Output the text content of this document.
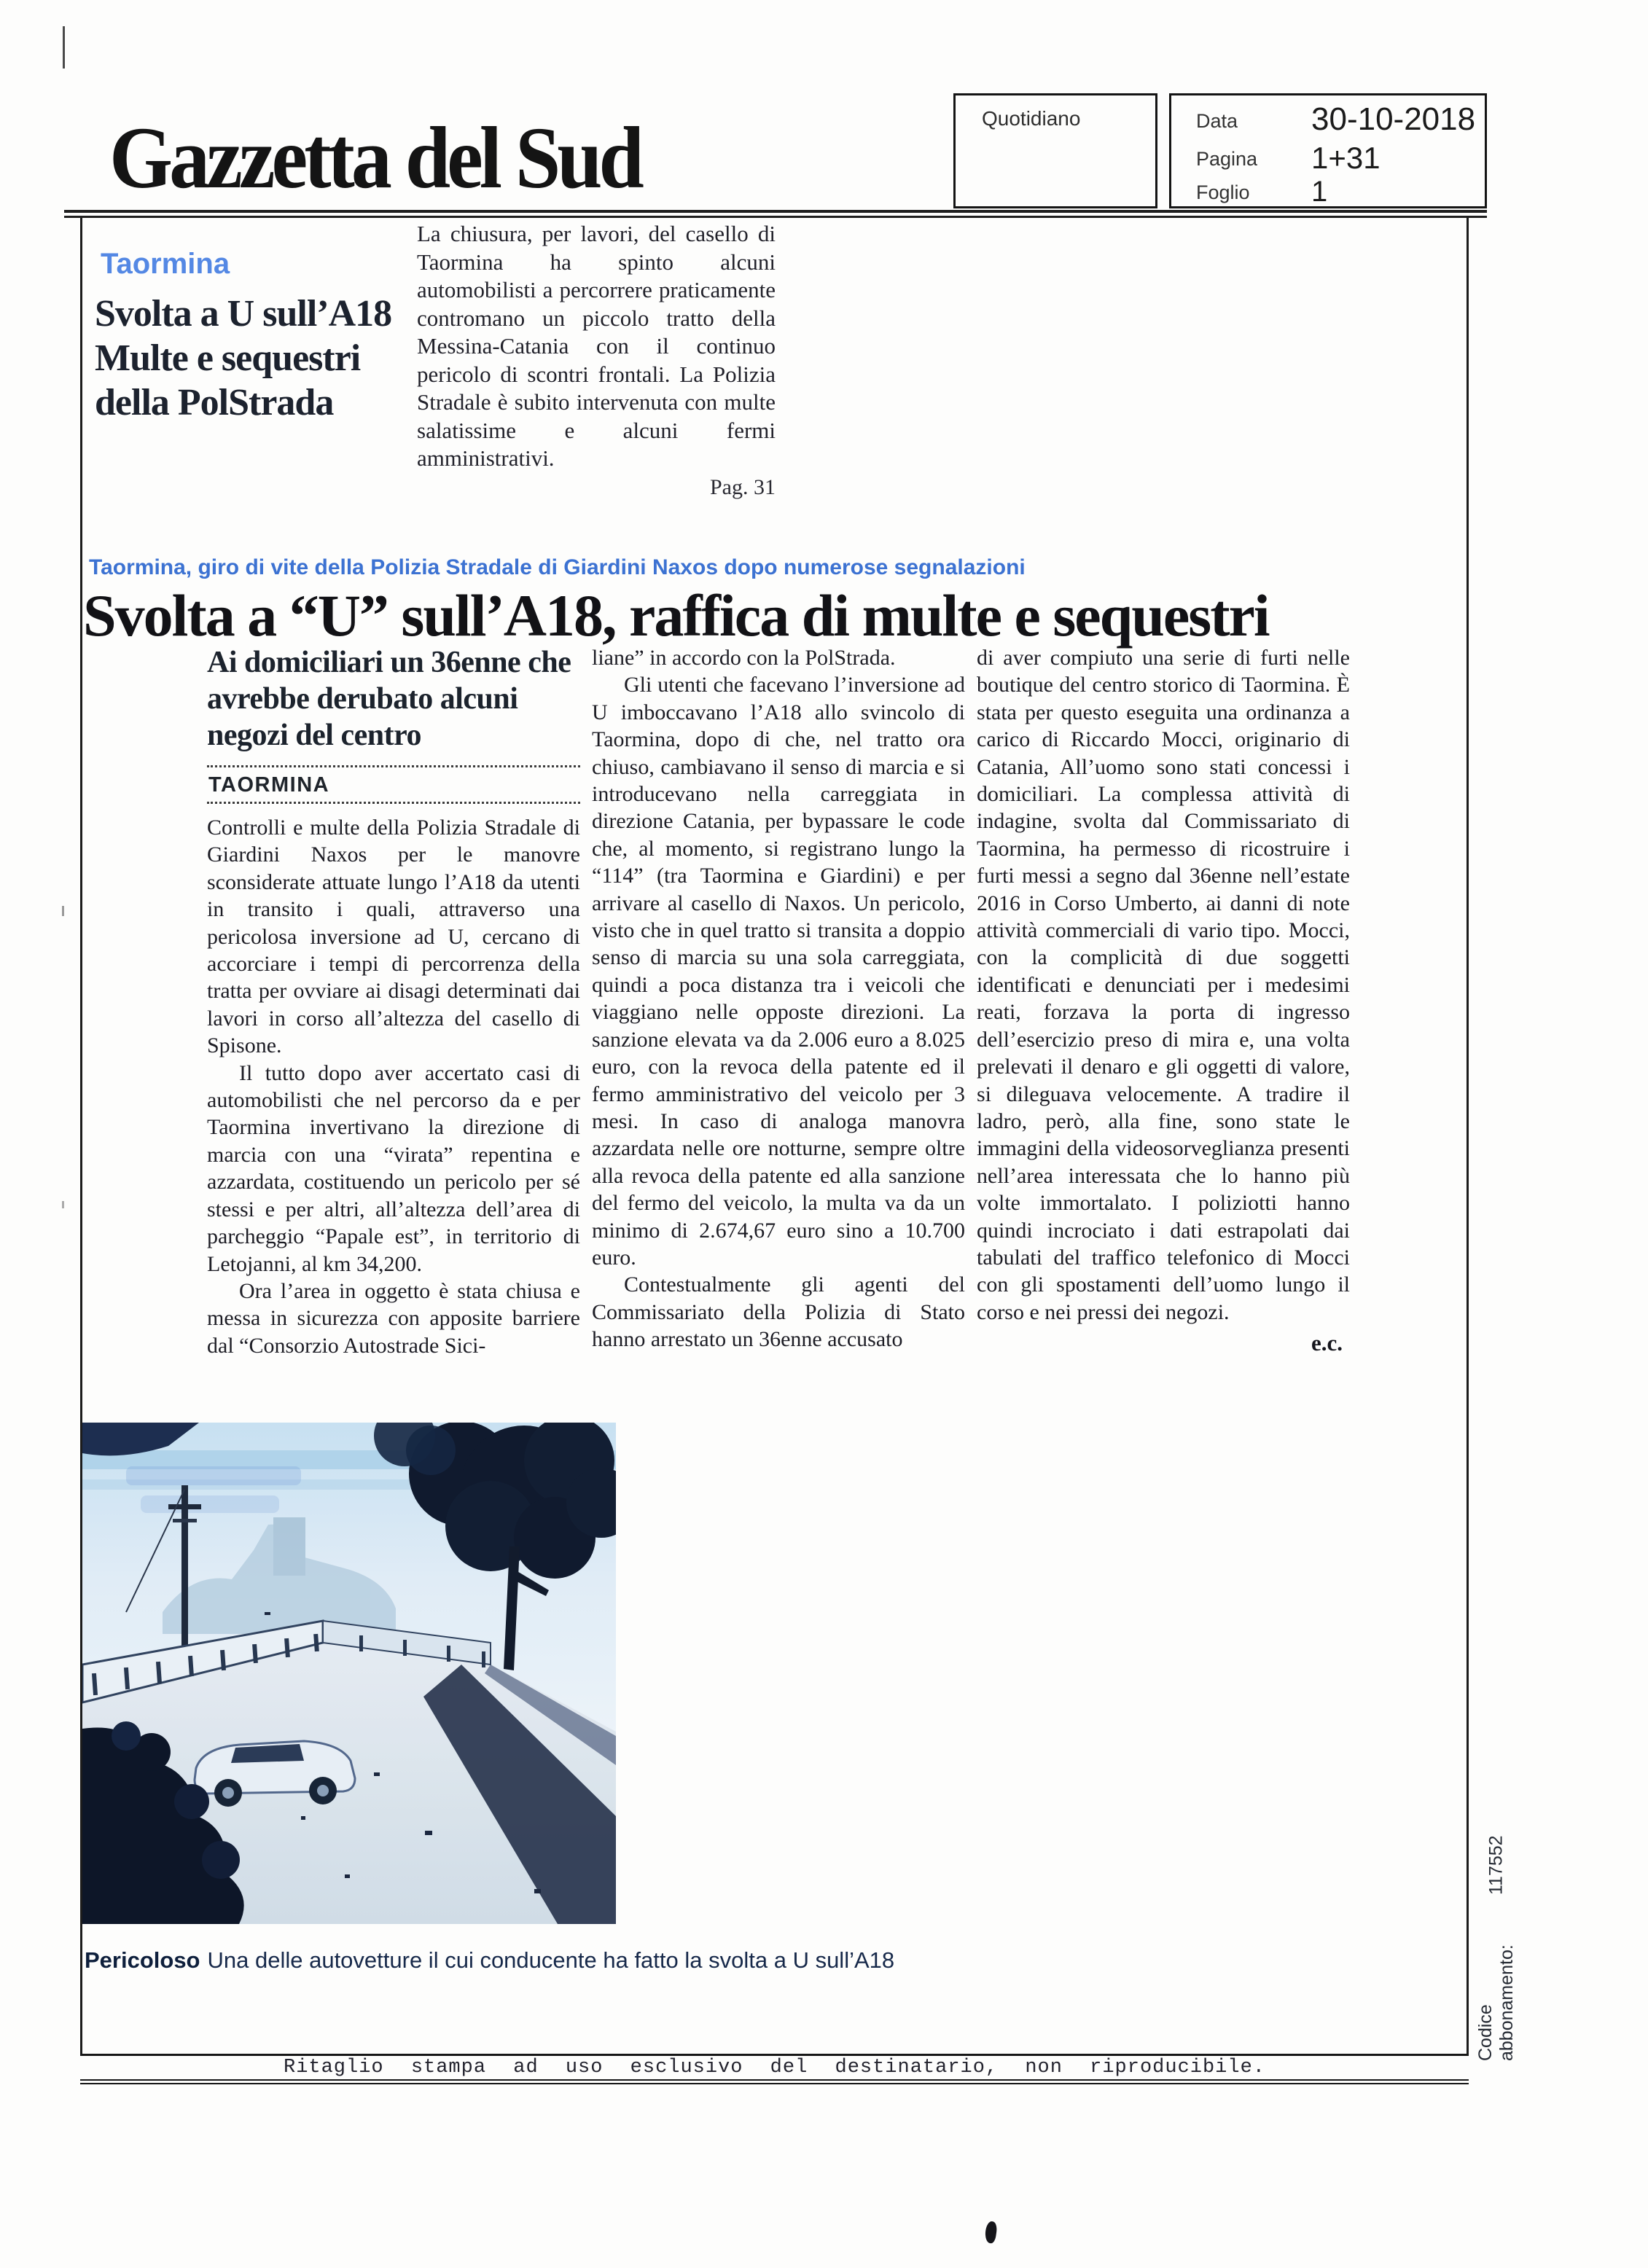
Gazzetta del Sud	Quotidiano	Data 30-10-2018
Pagina 1+31
Foglio 1
Taormina
Svolta a U sull’A18
Multe e sequestri
della PolStrada
La chiusura, per lavori, del casello di Taormina ha spinto alcuni automobilisti a percorrere praticamente contromano un piccolo tratto della Messina-Catania con il continuo pericolo di scontri frontali. La Polizia Stradale è subito intervenuta con multe salatissime e alcuni fermi amministrativi.
Pag. 31
Taormina, giro di vite della Polizia Stradale di Giardini Naxos dopo numerose segnalazioni
Svolta a “U” sull’A18, raffica di multe e sequestri
Ai domiciliari un 36enne che avrebbe derubato alcuni negozi del centro
TAORMINA

Controlli e multe della Polizia Stradale di Giardini Naxos per le manovre sconsiderate attuate lungo l’A18 da utenti in transito i quali, attraverso una pericolosa inversione ad U, cercano di accorciare i tempi di percorrenza della tratta per ovviare ai disagi determinati dai lavori in corso all’altezza del casello di Spisone.

Il tutto dopo aver accertato casi di automobilisti che nel percorso da e per Taormina invertivano la direzione di marcia con una “virata” repentina e azzardata, costituendo un pericolo per sé stessi e per altri, all’altezza dell’area di parcheggio “Papale est”, in territorio di Letojanni, al km 34,200.

Ora l’area in oggetto è stata chiusa e messa in sicurezza con apposite barriere dal “Consorzio Autostrade Sici-

liane” in accordo con la PolStrada.

Gli utenti che facevano l’inversione ad U imboccavano l’A18 allo svincolo di Taormina, dopo di che, nel tratto ora chiuso, cambiavano il senso di marcia e si introducevano nella carreggiata in direzione Catania, per bypassare le code che, al momento, si registrano lungo la “114” (tra Taormina e Giardini) e per arrivare al casello di Naxos. Un pericolo, visto che in quel tratto si transita a doppio senso di marcia su una sola carreggiata, quindi a poca distanza tra i veicoli che viaggiano nelle opposte direzioni. La sanzione elevata va da 2.006 euro a 8.025 euro, con la revoca della patente ed il fermo amministrativo del veicolo per 3 mesi. In caso di analoga manovra azzardata nelle ore notturne, sempre oltre alla revoca della patente ed alla sanzione del fermo del veicolo, la multa va da un minimo di 2.674,67 euro sino a 10.700 euro.

Contestualmente gli agenti del Commissariato della Polizia di Stato hanno arrestato un 36enne accusato

di aver compiuto una serie di furti nelle boutique del centro storico di Taormina. È stata per questo eseguita una ordinanza a carico di Riccardo Mocci, originario di Catania, All’uomo sono stati concessi i domiciliari. La complessa attività di indagine, svolta dal Commissariato di Taormina, ha permesso di ricostruire i furti messi a segno dal 36enne nell’estate 2016 in Corso Umberto, ai danni di note attività commerciali di vario tipo. Mocci, con la complicità di due soggetti identificati e denunciati per i medesimi reati, forzava la porta di ingresso dell’esercizio preso di mira e, una volta prelevati il denaro e gli oggetti di valore, si dileguava velocemente. A tradire il ladro, però, alla fine, sono state le immagini della videosorveglianza presenti nell’area interessata che lo hanno più volte immortalato. I poliziotti hanno quindi incrociato i dati estrapolati dai tabulati del traffico telefonico di Mocci con gli spostamenti dell’uomo lungo il corso e nei pressi dei negozi.

e.c.
Pericoloso Una delle autovetture il cui conducente ha fatto la svolta a U sull’A18
Ritaglio stampa ad uso esclusivo del destinatario, non riproducibile.
Codice abbonamento:
117552
